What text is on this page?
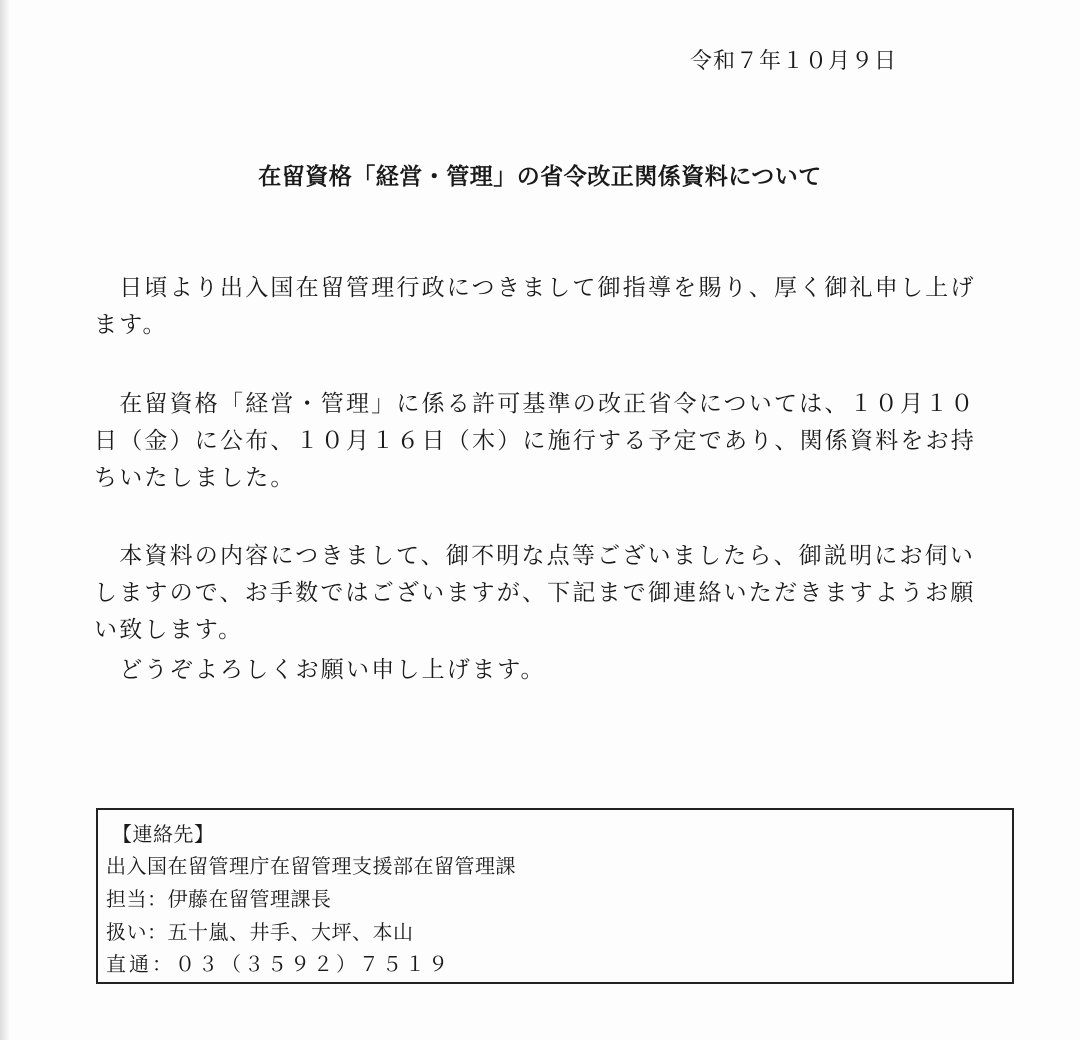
令和７年１０月９日
在留資格「経営・管理」の省令改正関係資料について

　日頃より出入国在留管理行政につきまして御指導を賜り、厚く御礼申し上げます。

　在留資格「経営・管理」に係る許可基準の改正省令については、１０月１０日（金）に公布、１０月１６日（木）に施行する予定であり、関係資料をお持ちいたしました。

　本資料の内容につきまして、御不明な点等ございましたら、御説明にお伺いしますので、お手数ではございますが、下記まで御連絡いただきますようお願い致します。

　どうぞよろしくお願い申し上げます。

【連絡先】
出入国在留管理庁在留管理支援部在留管理課
担当：伊藤在留管理課長
扱い：五十嵐、井手、大坪、本山
直通：０３（３５９２）７５１９
